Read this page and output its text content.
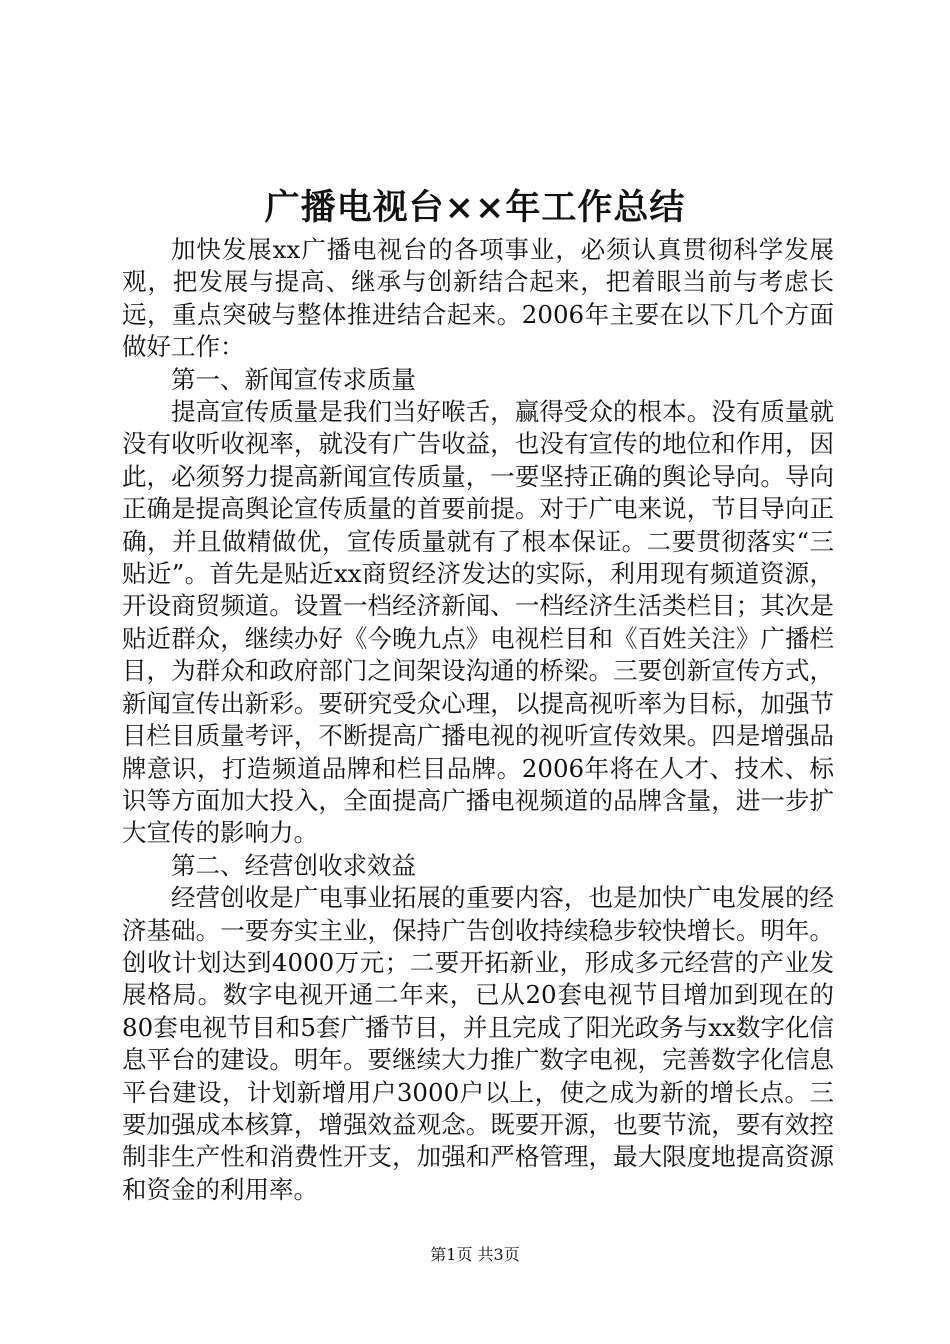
广播电视台××年工作总结

加快发展xx广播电视台的各项事业，必须认真贯彻科学发展观，把发展与提高、继承与创新结合起来，把着眼当前与考虑长远，重点突破与整体推进结合起来。2006年主要在以下几个方面做好工作：

第一、新闻宣传求质量

提高宣传质量是我们当好喉舌，赢得受众的根本。没有质量就没有收听收视率，就没有广告收益，也没有宣传的地位和作用，因此，必须努力提高新闻宣传质量，一要坚持正确的舆论导向。导向正确是提高舆论宣传质量的首要前提。对于广电来说，节目导向正确，并且做精做优，宣传质量就有了根本保证。二要贯彻落实“三贴近”。首先是贴近xx商贸经济发达的实际，利用现有频道资源，开设商贸频道。设置一档经济新闻、一档经济生活类栏目；其次是贴近群众，继续办好《今晚九点》电视栏目和《百姓关注》广播栏目，为群众和政府部门之间架设沟通的桥梁。三要创新宣传方式，新闻宣传出新彩。要研究受众心理，以提高视听率为目标，加强节目栏目质量考评，不断提高广播电视的视听宣传效果。四是增强品牌意识，打造频道品牌和栏目品牌。2006年将在人才、技术、标识等方面加大投入，全面提高广播电视频道的品牌含量，进一步扩大宣传的影响力。

第二、经营创收求效益

经营创收是广电事业拓展的重要内容，也是加快广电发展的经济基础。一要夯实主业，保持广告创收持续稳步较快增长。明年。创收计划达到4000万元；二要开拓新业，形成多元经营的产业发展格局。数字电视开通二年来，已从20套电视节目增加到现在的80套电视节目和5套广播节目，并且完成了阳光政务与xx数字化信息平台的建设。明年。要继续大力推广数字电视，完善数字化信息平台建设，计划新增用户3000户以上，使之成为新的增长点。三要加强成本核算，增强效益观念。既要开源，也要节流，要有效控制非生产性和消费性开支，加强和严格管理，最大限度地提高资源和资金的利用率。

第1页 共3页
